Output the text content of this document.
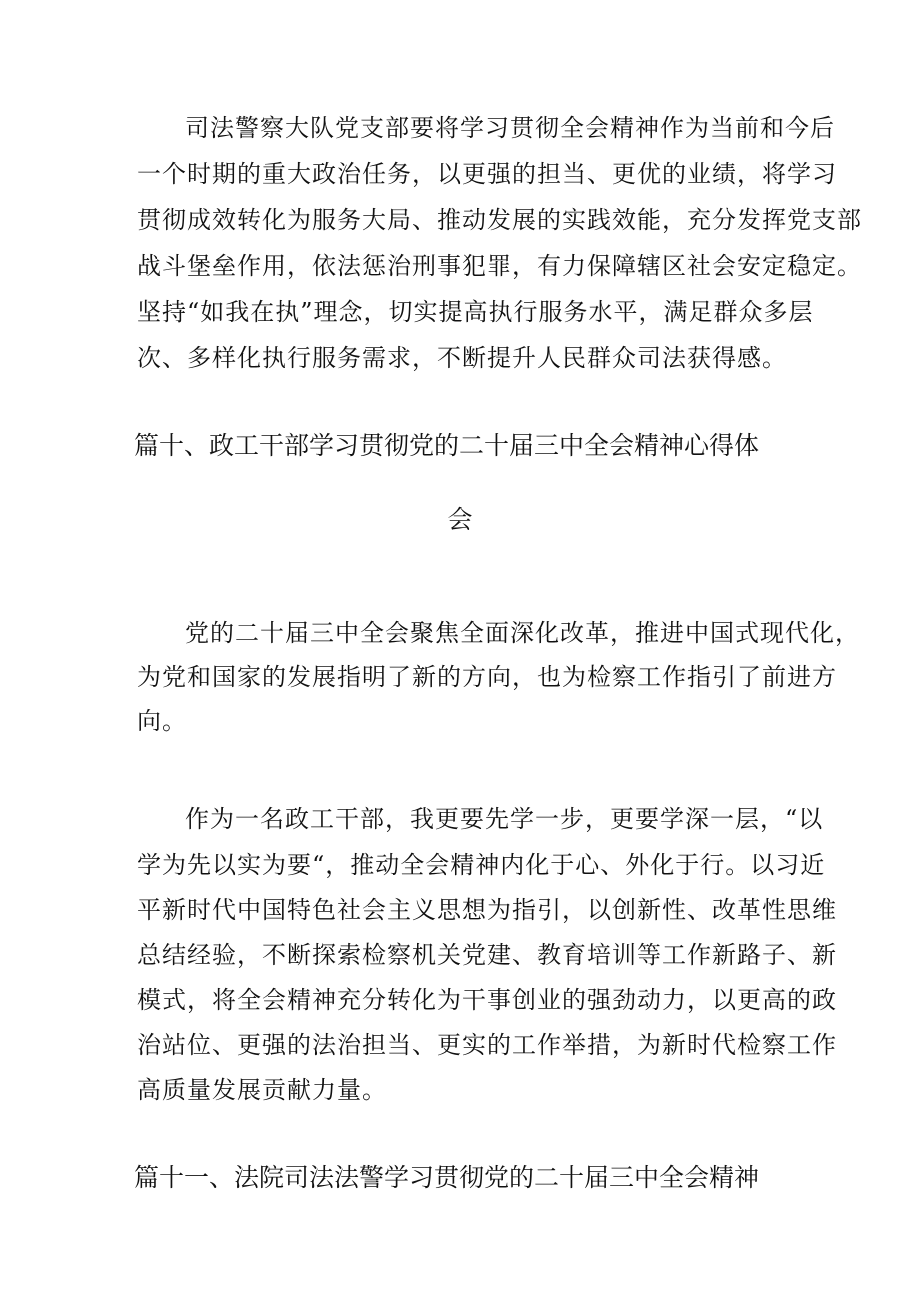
司法警察大队党支部要将学习贯彻全会精神作为当前和今后
一个时期的重大政治任务，以更强的担当、更优的业绩，将学习
贯彻成效转化为服务大局、推动发展的实践效能，充分发挥党支部
战斗堡垒作用，依法惩治刑事犯罪，有力保障辖区社会安定稳定。
坚持“如我在执”理念，切实提高执行服务水平，满足群众多层
次、多样化执行服务需求，不断提升人民群众司法获得感。
篇十、政工干部学习贯彻党的二十届三中全会精神心得体
会
党的二十届三中全会聚焦全面深化改革，推进中国式现代化，
为党和国家的发展指明了新的方向，也为检察工作指引了前进方
向。
作为一名政工干部，我更要先学一步，更要学深一层，“以
学为先以实为要“，推动全会精神内化于心、外化于行。以习近
平新时代中国特色社会主义思想为指引，以创新性、改革性思维
总结经验，不断探索检察机关党建、教育培训等工作新路子、新
模式，将全会精神充分转化为干事创业的强劲动力，以更高的政
治站位、更强的法治担当、更实的工作举措，为新时代检察工作
高质量发展贡献力量。
篇十一、法院司法法警学习贯彻党的二十届三中全会精神
